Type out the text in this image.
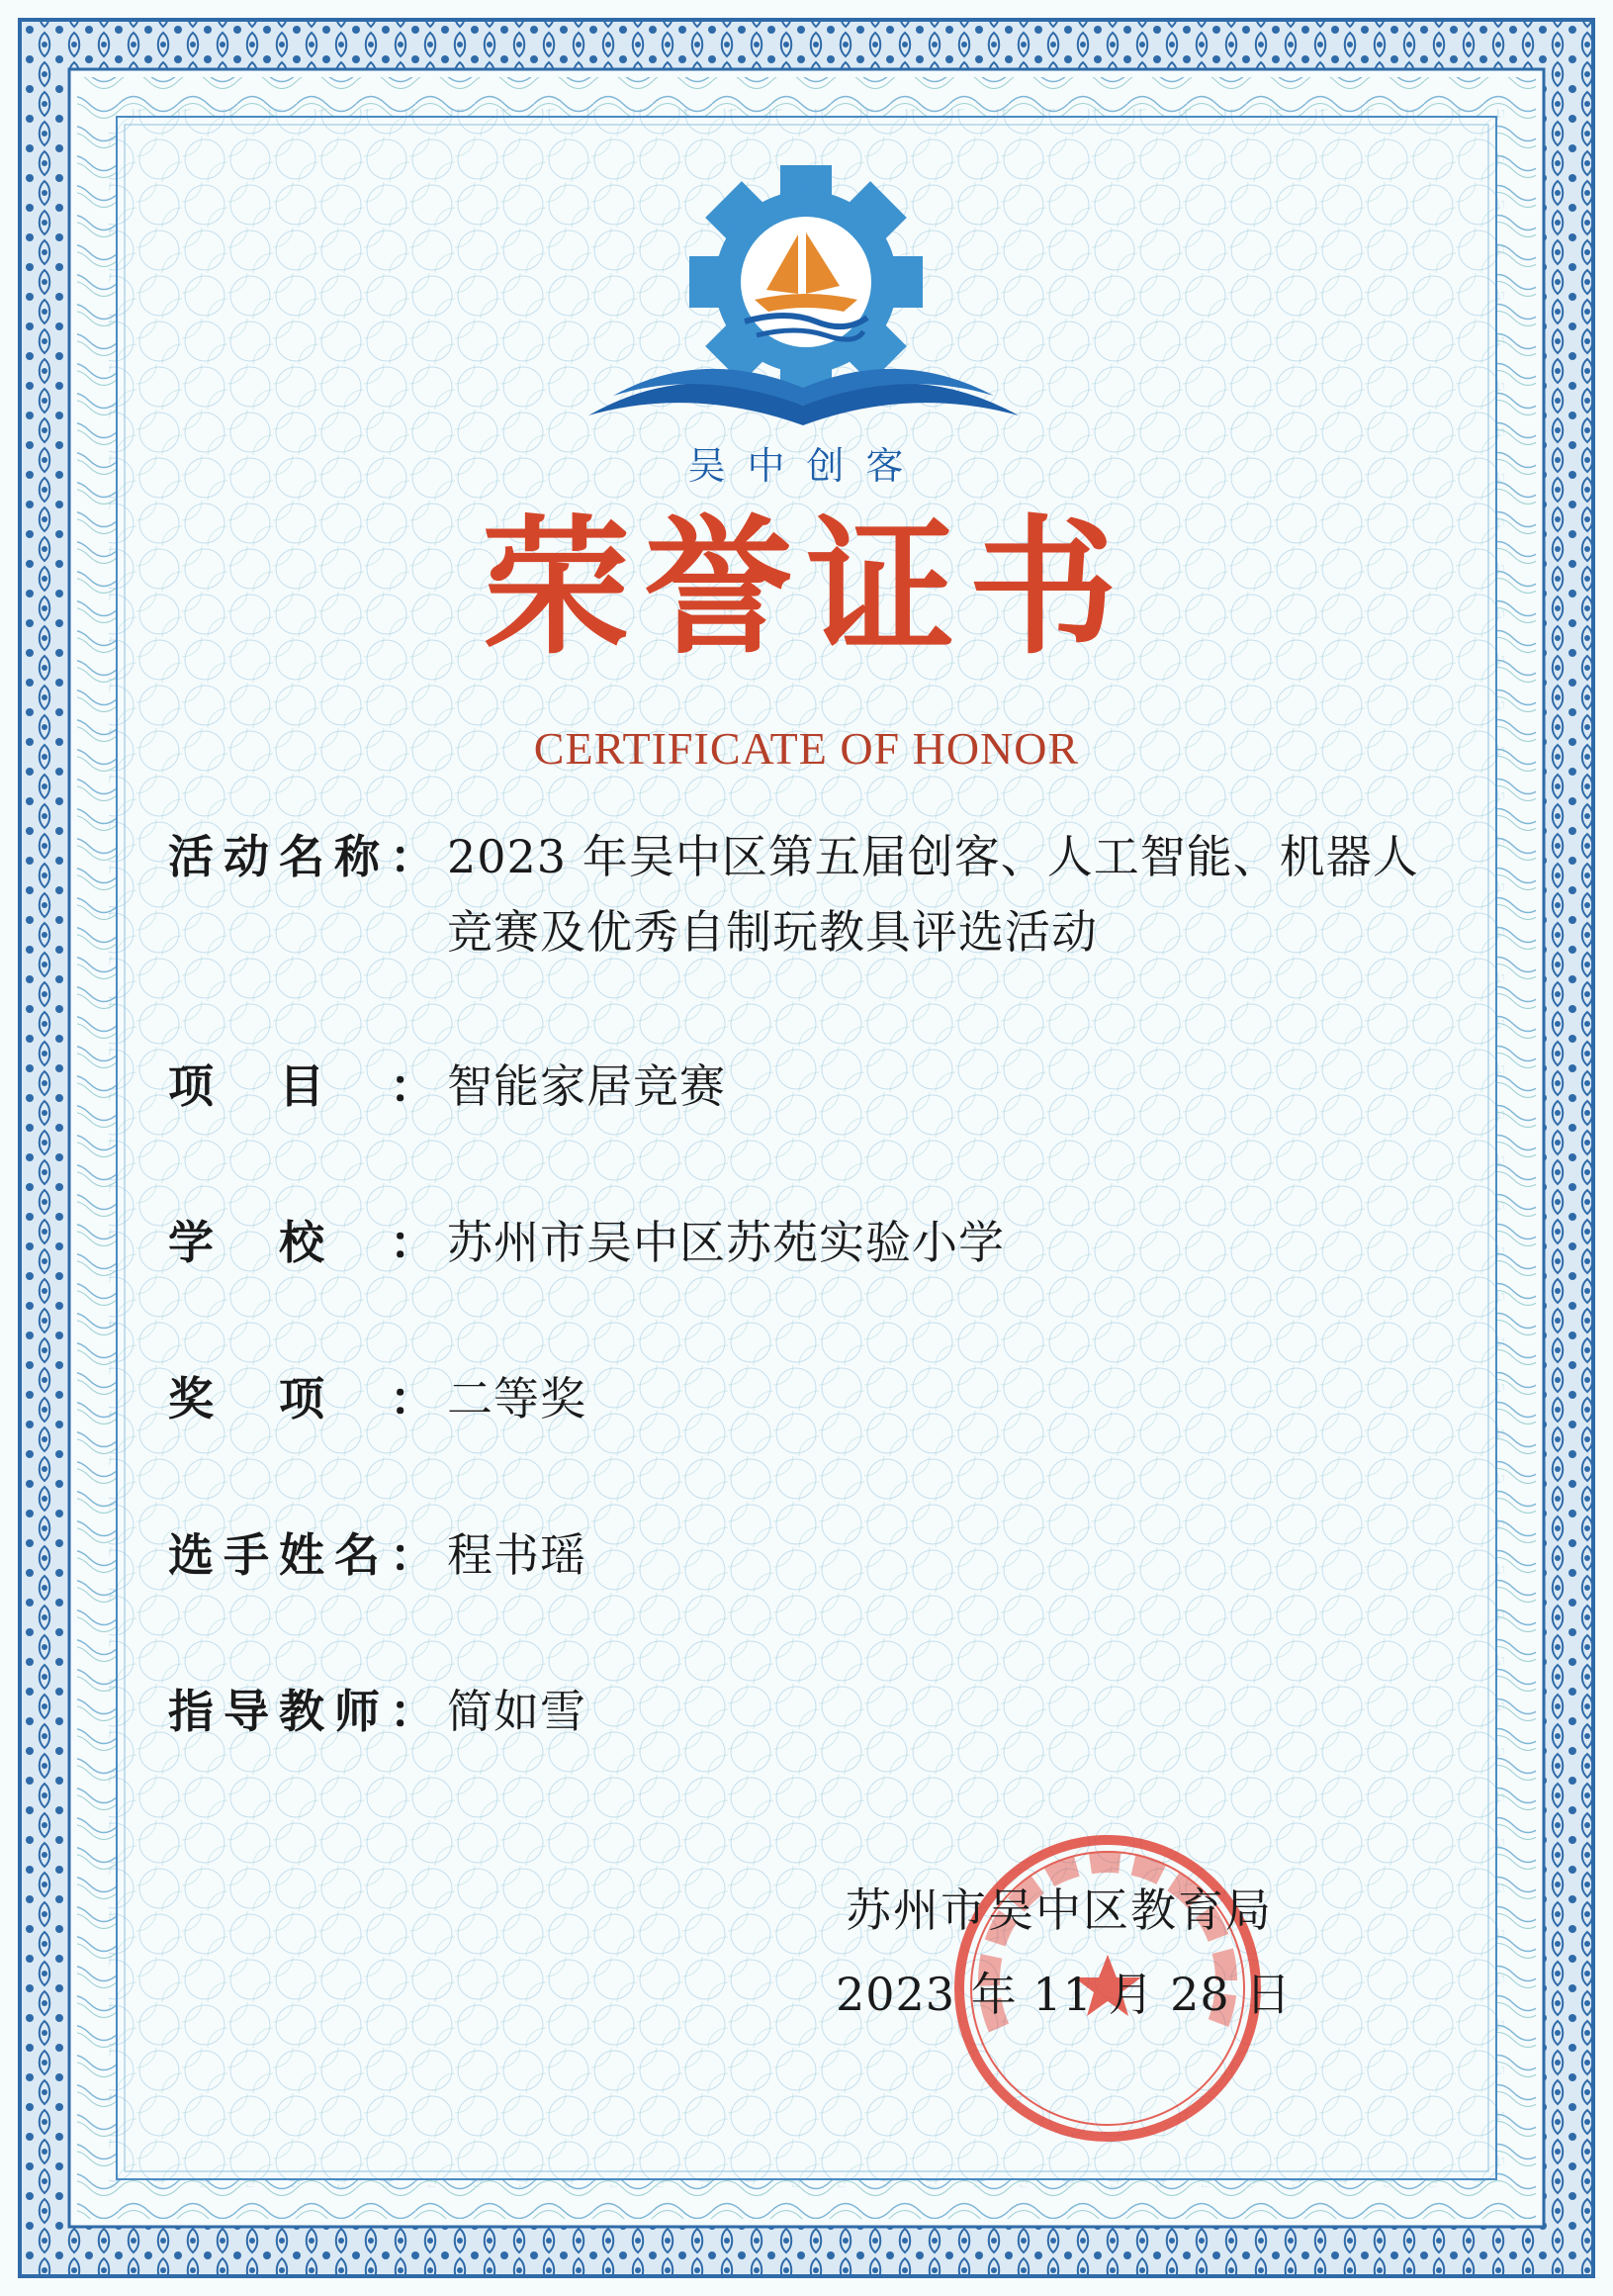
吴中创客
荣誉证书
CERTIFICATE OF HONOR
活 动 名 称 ： 2023 年吴中区第五届创客、人工智能、机器人竞赛及优秀自制玩教具评选活动
项 目 ： 智能家居竞赛
学 校 ： 苏州市吴中区苏苑实验小学
奖 项 ： 二等奖
选 手 姓 名 ： 程书瑶
指 导 教 师 ： 简如雪
苏州市吴中区教育局
2023 年 11 月 28 日
